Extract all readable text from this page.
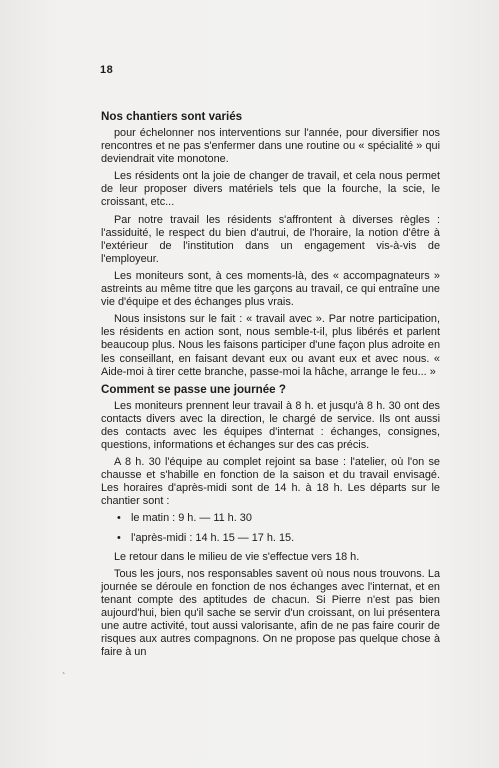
18
Nos chantiers sont variés

pour échelonner nos interventions sur l'année, pour diversifier nos rencontres et ne pas s'enfermer dans une routine ou « spécialité » qui deviendrait vite monotone.

Les résidents ont la joie de changer de travail, et cela nous permet de leur proposer divers matériels tels que la fourche, la scie, le croissant, etc...

Par notre travail les résidents s'affrontent à diverses règles : l'assiduité, le respect du bien d'autrui, de l'horaire, la notion d'être à l'extérieur de l'institution dans un engagement vis-à-vis de l'employeur.

Les moniteurs sont, à ces moments-là, des « accompagnateurs » astreints au même titre que les garçons au travail, ce qui entraîne une vie d'équipe et des échanges plus vrais.

Nous insistons sur le fait : « travail avec ». Par notre participation, les résidents en action sont, nous semble-t-il, plus libérés et parlent beaucoup plus. Nous les faisons participer d'une façon plus adroite en les conseillant, en faisant devant eux ou avant eux et avec nous. « Aide-moi à tirer cette branche, passe-moi la hâche, arrange le feu... »

Comment se passe une journée ?

Les moniteurs prennent leur travail à 8 h. et jusqu'à 8 h. 30 ont des contacts divers avec la direction, le chargé de service. Ils ont aussi des contacts avec les équipes d'internat : échanges, consignes, questions, informations et échanges sur des cas précis.

A 8 h. 30 l'équipe au complet rejoint sa base : l'atelier, où l'on se chausse et s'habille en fonction de la saison et du travail envisagé. Les horaires d'après-midi sont de 14 h. à 18 h. Les départs sur le chantier sont :

• le matin : 9 h. — 11 h. 30
• l'après-midi : 14 h. 15 — 17 h. 15.

Le retour dans le milieu de vie s'effectue vers 18 h.

Tous les jours, nos responsables savent où nous nous trouvons. La journée se déroule en fonction de nos échanges avec l'internat, et en tenant compte des aptitudes de chacun. Si Pierre n'est pas bien aujourd'hui, bien qu'il sache se servir d'un croissant, on lui présentera une autre activité, tout aussi valorisante, afin de ne pas faire courir de risques aux autres compagnons. On ne propose pas quelque chose à faire à un

`
